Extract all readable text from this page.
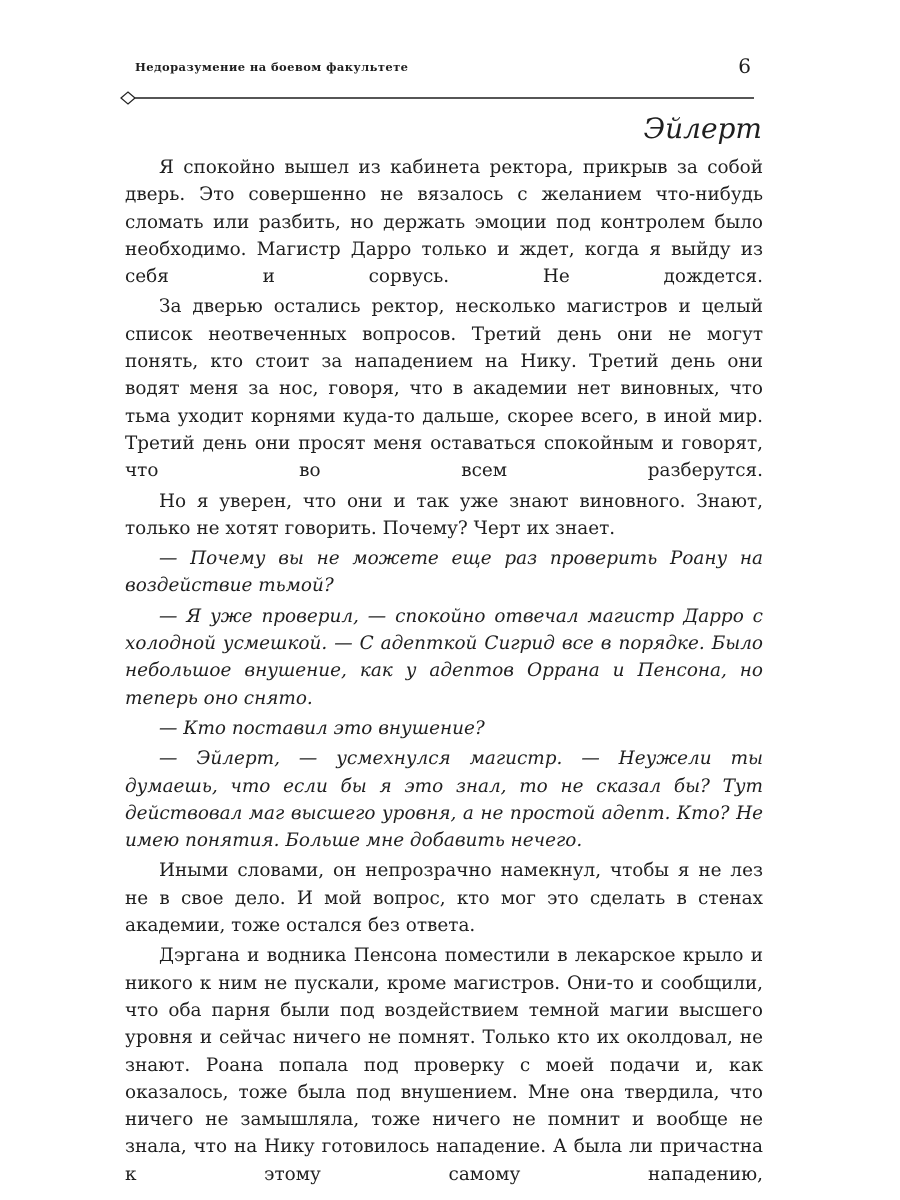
Недоразумение на боевом факультете	6
Эйлерт

Я спокойно вышел из кабинета ректора, прикрыв за собой дверь. Это совершенно не вязалось с желанием что-нибудь сломать или разбить, но держать эмоции под контролем было необходимо. Магистр Дарро только и ждет, когда я выйду из себя и сорвусь. Не дождется.

За дверью остались ректор, несколько магистров и целый список неотвеченных вопросов. Третий день они не могут понять, кто стоит за нападением на Нику. Третий день они водят меня за нос, говоря, что в академии нет виновных, что тьма уходит корнями куда-то дальше, скорее всего, в иной мир. Третий день они просят меня оставаться спокойным и говорят, что во всем разберутся.

Но я уверен, что они и так уже знают виновного. Знают, только не хотят говорить. Почему? Черт их знает.

— Почему вы не можете еще раз проверить Роану на воздействие тьмой?

— Я уже проверил, — спокойно отвечал магистр Дарро с холодной усмешкой. — С адепткой Сигрид все в порядке. Было небольшое внушение, как у адептов Оррана и Пенсона, но теперь оно снято.

— Кто поставил это внушение?

— Эйлерт, — усмехнулся магистр. — Неужели ты думаешь, что если бы я это знал, то не сказал бы? Тут действовал маг высшего уровня, а не простой адепт. Кто? Не имею понятия. Больше мне добавить нечего.

Иными словами, он непрозрачно намекнул, чтобы я не лез не в свое дело. И мой вопрос, кто мог это сделать в стенах академии, тоже остался без ответа.

Дэргана и водника Пенсона поместили в лекарское крыло и никого к ним не пускали, кроме магистров. Они-то и сообщили, что оба парня были под воздействием темной магии высшего уровня и сейчас ничего не помнят. Только кто их околдовал, не знают. Роана попала под проверку с моей подачи и, как оказалось, тоже была под внушением. Мне она твердила, что ничего не замышляла, тоже ничего не помнит и вообще не знала, что на Нику готовилось нападение. А была ли причастна к этому самому нападению,
